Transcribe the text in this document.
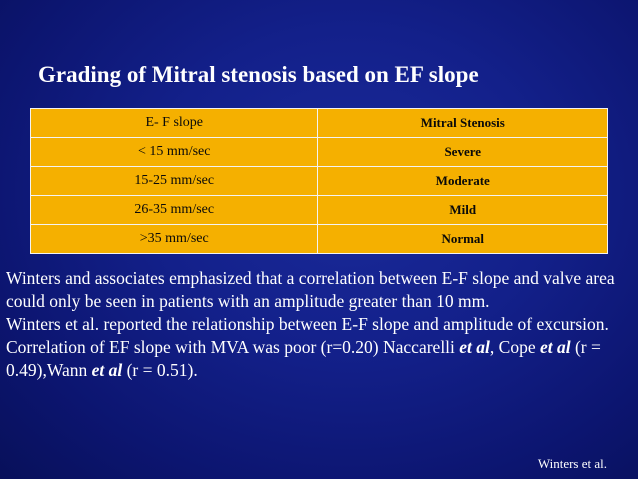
Grading of Mitral stenosis based on EF slope
E- F slope	Mitral Stenosis
< 15 mm/sec	Severe
15-25 mm/sec	Moderate
26-35 mm/sec	Mild
>35 mm/sec	Normal

Winters and associates emphasized that a correlation between E-F slope and valve area could only be seen in patients with an amplitude greater than 10 mm.

Winters et al. reported the relationship between E-F slope and amplitude of excursion.

Correlation of EF slope with MVA was poor (r=0.20) Naccarelli et al, Cope et al (r = 0.49),Wann et al (r = 0.51).

Winters et al.
